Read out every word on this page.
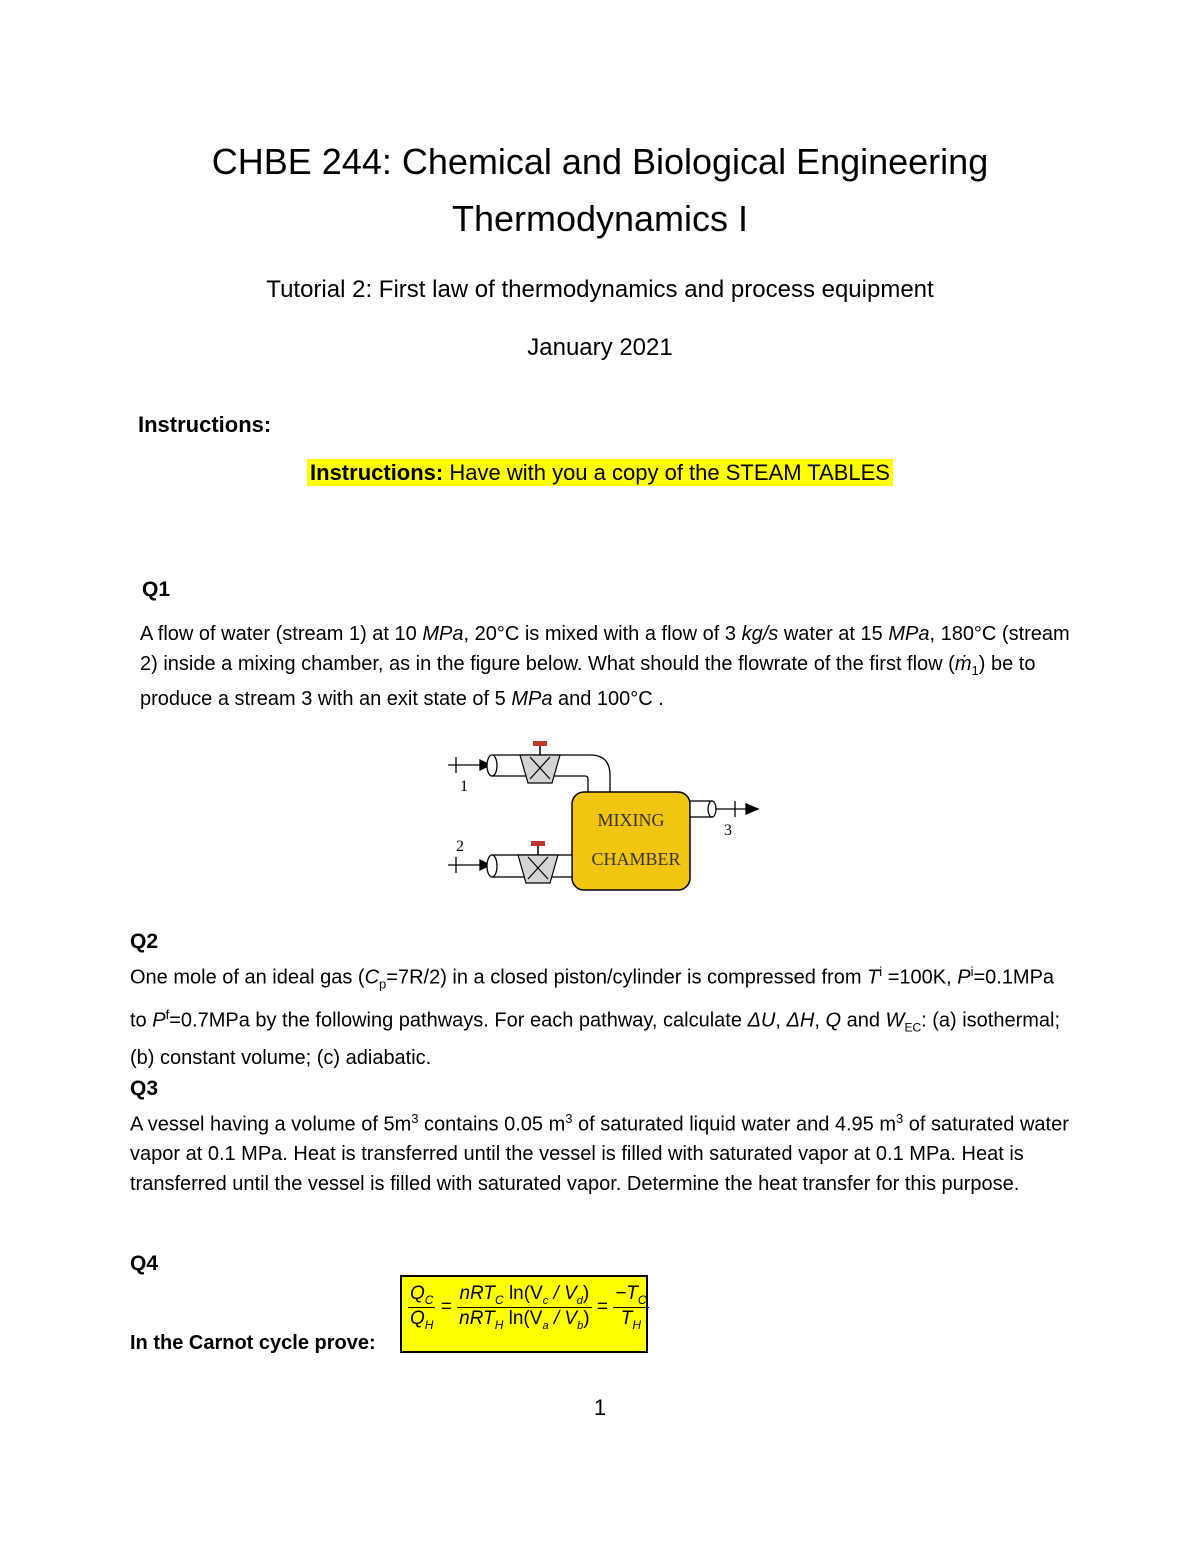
CHBE 244: Chemical and Biological Engineering
Thermodynamics I
Tutorial 2: First law of thermodynamics and process equipment
January 2021
Instructions:
Instructions: Have with you a copy of the STEAM TABLES
Q1
A flow of water (stream 1) at 10 MPa, 20°C is mixed with a flow of 3 kg/s water at 15 MPa, 180°C (stream 2) inside a mixing chamber, as in the figure below. What should the flowrate of the first flow (ṁ$_1$) be to produce a stream 3 with an exit state of 5 MPa and 100°C .
1
MIXING
CHAMBER
2
3
Q2
One mole of an ideal gas $(C_p=7R/2)$ in a closed piston/cylinder is compressed from $T^i =100K$, $P^i=0.1MPa$ to $P^f=0.7MPa$ by the following pathways. For each pathway, calculate ΔU, ΔH, Q and $W_{EC}$: (a) isothermal; (b) constant volume; (c) adiabatic.
Q3
A vessel having a volume of $5m^3$ contains 0.05 $m^3$ of saturated liquid water and 4.95 $m^3$ of saturated water vapor at 0.1 MPa. Heat is transferred until the vessel is filled with saturated vapor at 0.1 MPa. Heat is transferred until the vessel is filled with saturated vapor. Determine the heat transfer for this purpose.
Q4
In the Carnot cycle prove:
$\frac{Q_C}{Q_H} = \frac{nRT_C \ln(V_c / V_d)}{nRT_H \ln(V_a / V_b)} = \frac{-T_C}{T_H}$
1
